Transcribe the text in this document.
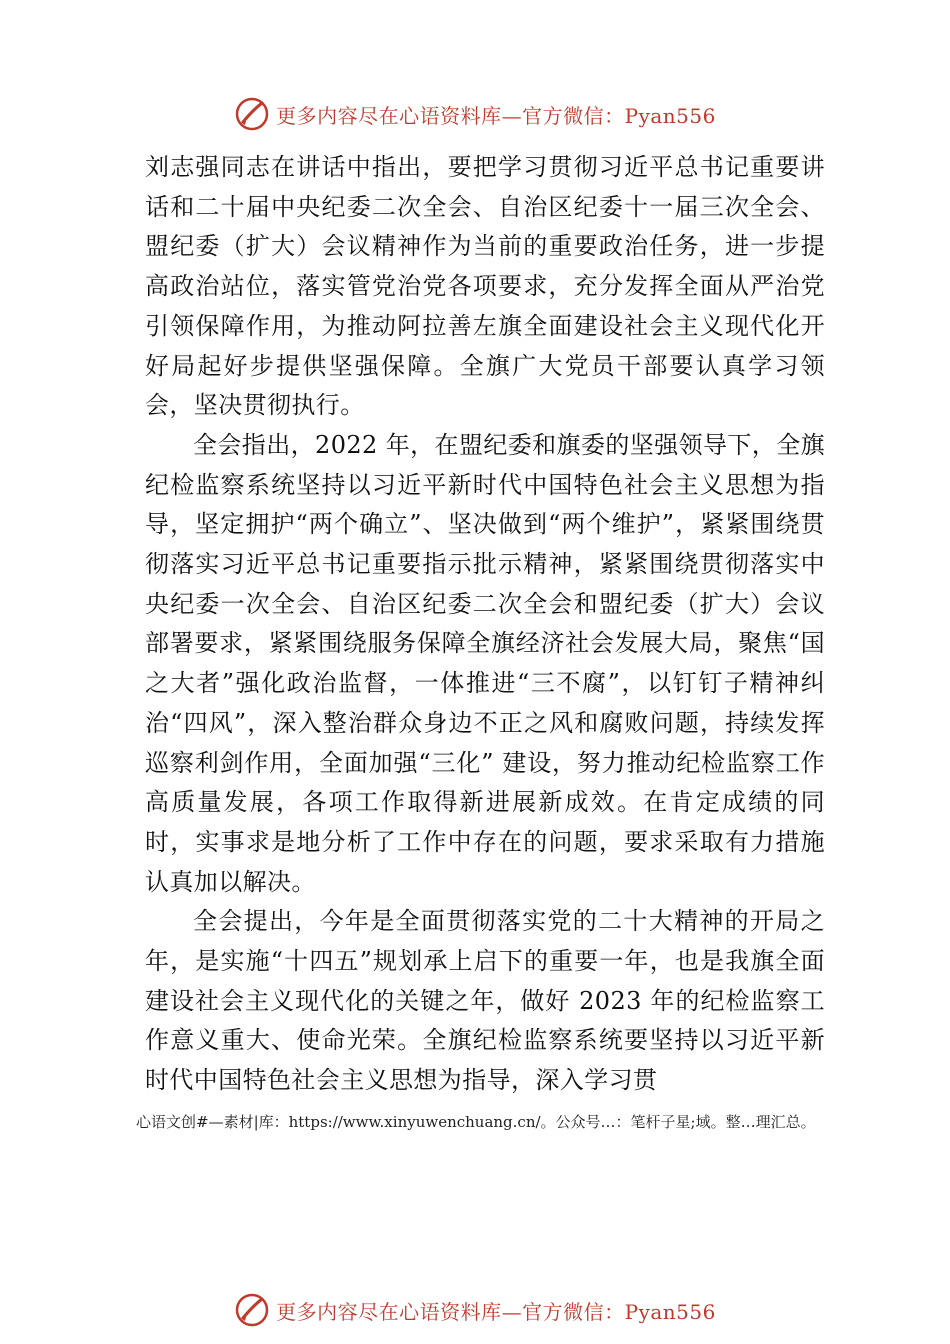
更多内容尽在心语资料库—官方微信：Pyan556

刘志强同志在讲话中指出，要把学习贯彻习近平总书记重要讲话和二十届中央纪委二次全会、自治区纪委十一届三次全会、盟纪委（扩大）会议精神作为当前的重要政治任务，进一步提高政治站位，落实管党治党各项要求，充分发挥全面从严治党引领保障作用，为推动阿拉善左旗全面建设社会主义现代化开好局起好步提供坚强保障。全旗广大党员干部要认真学习领会，坚决贯彻执行。

全会指出，2022 年，在盟纪委和旗委的坚强领导下，全旗纪检监察系统坚持以习近平新时代中国特色社会主义思想为指导，坚定拥护“两个确立”、坚决做到“两个维护”，紧紧围绕贯彻落实习近平总书记重要指示批示精神，紧紧围绕贯彻落实中央纪委一次全会、自治区纪委二次全会和盟纪委（扩大）会议部署要求，紧紧围绕服务保障全旗经济社会发展大局，聚焦“国之大者”强化政治监督，一体推进“三不腐”，以钉钉子精神纠治“四风”，深入整治群众身边不正之风和腐败问题，持续发挥巡察利剑作用，全面加强“三化” 建设，努力推动纪检监察工作高质量发展，各项工作取得新进展新成效。在肯定成绩的同时，实事求是地分析了工作中存在的问题，要求采取有力措施认真加以解决。

全会提出，今年是全面贯彻落实党的二十大精神的开局之年，是实施“十四五”规划承上启下的重要一年，也是我旗全面建设社会主义现代化的关键之年，做好 2023 年的纪检监察工作意义重大、使命光荣。全旗纪检监察系统要坚持以习近平新时代中国特色社会主义思想为指导，深入学习贯

心语文创#—素材|库：https://www.xinyuwenchuang.cn/。公众号…：笔杆子星;域。整…理汇总。
更多内容尽在心语资料库—官方微信：Pyan556
